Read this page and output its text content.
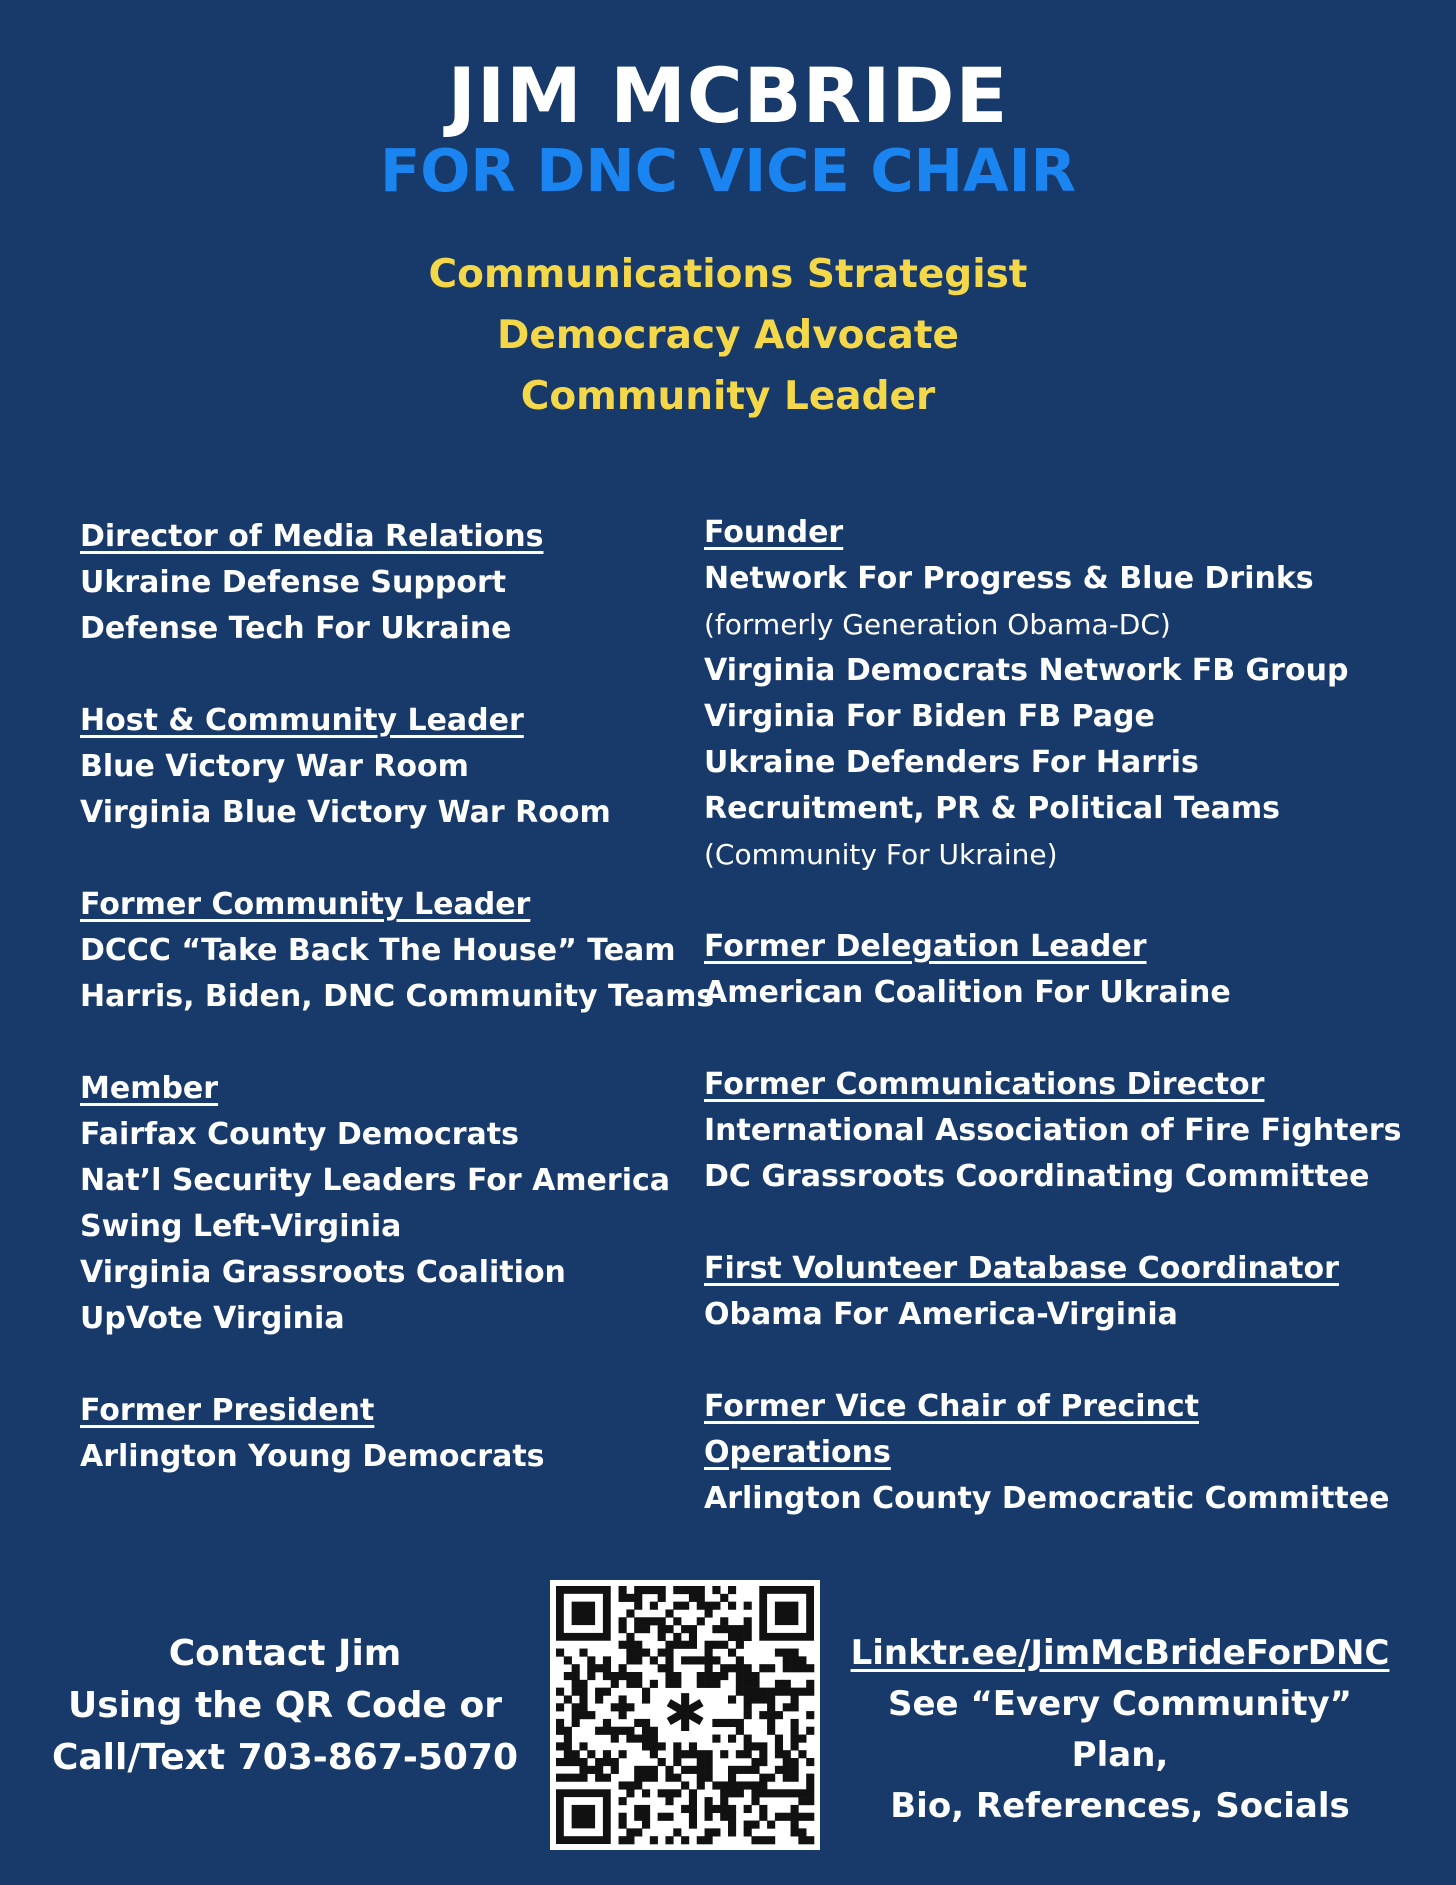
JIM MCBRIDE
FOR DNC VICE CHAIR
Communications Strategist
Democracy Advocate
Community Leader
Director of Media Relations
Ukraine Defense Support
Defense Tech For Ukraine
Host & Community Leader
Blue Victory War Room
Virginia Blue Victory War Room
Former Community Leader
DCCC “Take Back The House” Team
Harris, Biden, DNC Community Teams
Member
Fairfax County Democrats
Nat’l Security Leaders For America
Swing Left-Virginia
Virginia Grassroots Coalition
UpVote Virginia
Former President
Arlington Young Democrats
Founder
Network For Progress & Blue Drinks
(formerly Generation Obama-DC)
Virginia Democrats Network FB Group
Virginia For Biden FB Page
Ukraine Defenders For Harris
Recruitment, PR & Political Teams
(Community For Ukraine)
Former Delegation Leader
American Coalition For Ukraine
Former Communications Director
International Association of Fire Fighters
DC Grassroots Coordinating Committee
First Volunteer Database Coordinator
Obama For America-Virginia
Former Vice Chair of Precinct Operations
Arlington County Democratic Committee
Contact Jim
Using the QR Code or
Call/Text 703-867-5070
✱
Linktr.ee/JimMcBrideForDNC
See “Every Community” Plan,
Bio, References, Socials
